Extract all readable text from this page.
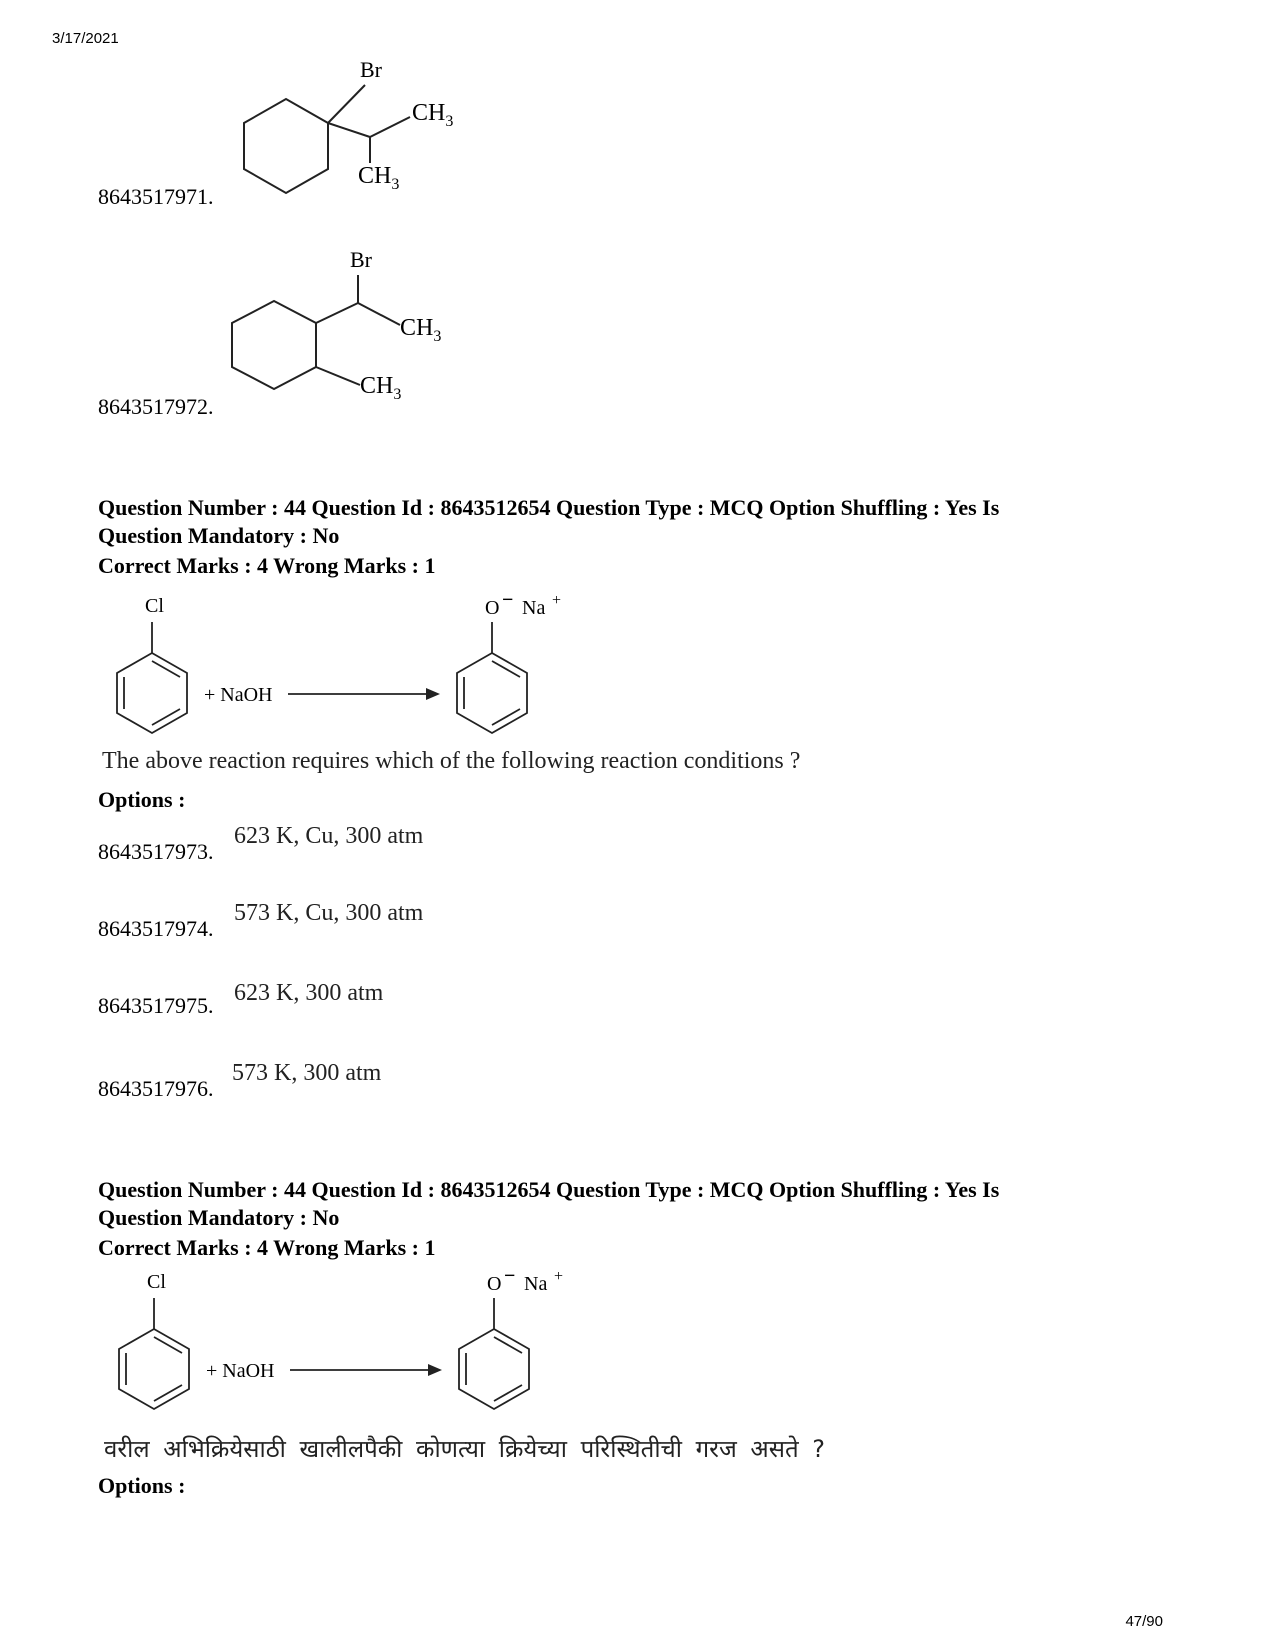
3/17/2021
Br
$CH_3$
$CH_3$
8643517971.
Br
$CH_3$
$CH_3$
8643517972.
Question Number : 44 Question Id : 8643512654 Question Type : MCQ Option Shuffling : Yes Is
Question Mandatory : No
Correct Marks : 4 Wrong Marks : 1
Cl
+ NaOH
O − Na +
The above reaction requires which of the following reaction conditions ?
Options :
8643517973.
623 K, Cu, 300 atm
8643517974.
573 K, Cu, 300 atm
8643517975. 623 K, 300 atm
8643517976.
573 K, 300 atm
Question Number : 44 Question Id : 8643512654 Question Type : MCQ Option Shuffling : Yes Is
Question Mandatory : No
Correct Marks : 4 Wrong Marks : 1
Cl
+ NaOH
O − Na +
वरील अभिक्रियेसाठी खालीलपैकी कोणत्या क्रियेच्या परिस्थितीची गरज असते ?
Options :
47/90
